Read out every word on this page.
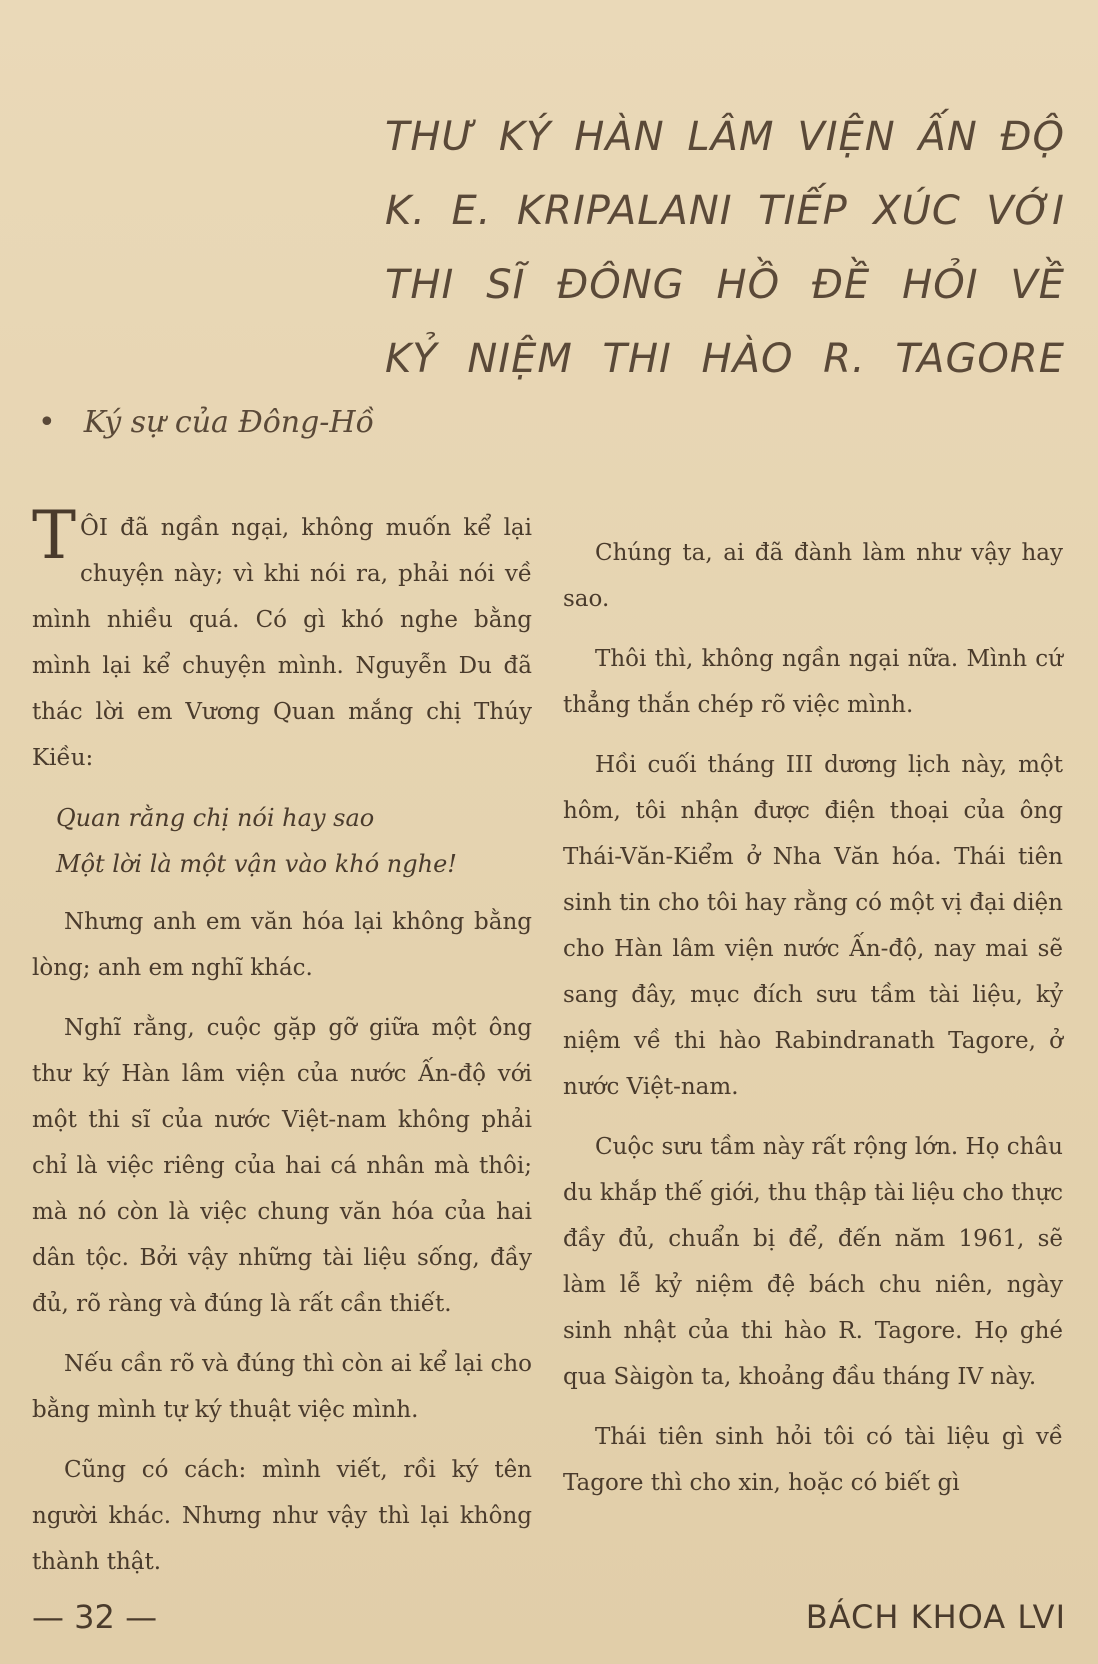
THƯ KÝ HÀN LÂM VIỆN ẤN ĐỘ
K. E. KRIPALANI TIẾP XÚC VỚI
THI SĨ ĐÔNG HỒ ĐỀ HỎI VỀ
KỶ NIỆM THI HÀO R. TAGORE
• Ký sự của Đông-Hồ

TÔI đã ngần ngại, không muốn kể lại chuyện này; vì khi nói ra, phải nói về mình nhiều quá. Có gì khó nghe bằng mình lại kể chuyện mình. Nguyễn Du đã thác lời em Vương Quan mắng chị Thúy Kiều:

Quan rằng chị nói hay sao
Một lời là một vận vào khó nghe!

Nhưng anh em văn hóa lại không bằng lòng; anh em nghĩ khác.

Nghĩ rằng, cuộc gặp gỡ giữa một ông thư ký Hàn lâm viện của nước Ấn-độ với một thi sĩ của nước Việt-nam không phải chỉ là việc riêng của hai cá nhân mà thôi; mà nó còn là việc chung văn hóa của hai dân tộc. Bởi vậy những tài liệu sống, đầy đủ, rõ ràng và đúng là rất cần thiết.

Nếu cần rõ và đúng thì còn ai kể lại cho bằng mình tự ký thuật việc mình.

Cũng có cách: mình viết, rồi ký tên người khác. Nhưng như vậy thì lại không thành thật.

Chúng ta, ai đã đành làm như vậy hay sao.

Thôi thì, không ngần ngại nữa. Mình cứ thẳng thắn chép rõ việc mình.

Hồi cuối tháng III dương lịch này, một hôm, tôi nhận được điện thoại của ông Thái-Văn-Kiểm ở Nha Văn hóa. Thái tiên sinh tin cho tôi hay rằng có một vị đại diện cho Hàn lâm viện nước Ấn-độ, nay mai sẽ sang đây, mục đích sưu tầm tài liệu, kỷ niệm về thi hào Rabindranath Tagore, ở nước Việt-nam.

Cuộc sưu tầm này rất rộng lớn. Họ châu du khắp thế giới, thu thập tài liệu cho thực đầy đủ, chuẩn bị để, đến năm 1961, sẽ làm lễ kỷ niệm đệ bách chu niên, ngày sinh nhật của thi hào R. Tagore. Họ ghé qua Sàigòn ta, khoảng đầu tháng IV này.

Thái tiên sinh hỏi tôi có tài liệu gì về Tagore thì cho xin, hoặc có biết gì

— 32 —	BÁCH KHOA LVI
